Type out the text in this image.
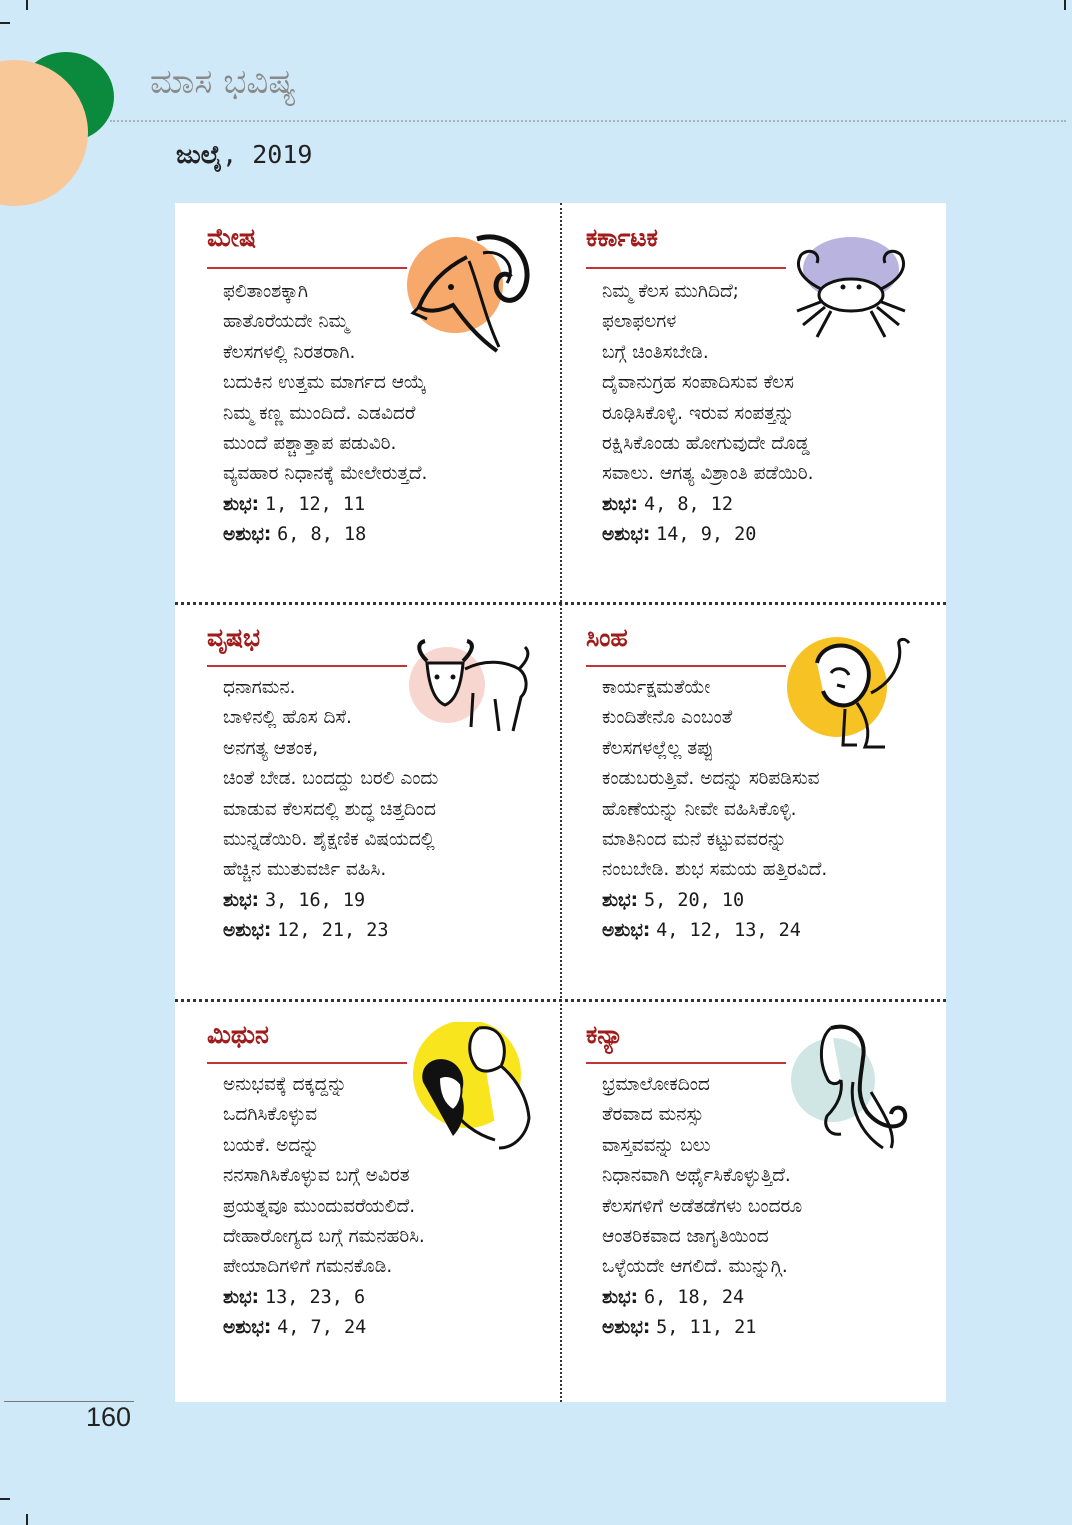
ಮಾಸ ಭವಿಷ್ಯ
ಜುಲೈ, 2019
ಮೇಷ
ಫಲಿತಾಂಶಕ್ಕಾಗಿ
ಹಾತೊರೆಯದೇ ನಿಮ್ಮ
ಕೆಲಸಗಳಲ್ಲಿ ನಿರತರಾಗಿ.
ಬದುಕಿನ ಉತ್ತಮ ಮಾರ್ಗದ ಆಯ್ಕೆ
ನಿಮ್ಮ ಕಣ್ಣ ಮುಂದಿದೆ. ಎಡವಿದರೆ
ಮುಂದೆ ಪಶ್ಚಾತ್ತಾಪ ಪಡುವಿರಿ.
ವ್ಯವಹಾರ ನಿಧಾನಕ್ಕೆ ಮೇಲೇರುತ್ತದೆ.
ಶುಭ: 1, 12, 11
ಅಶುಭ: 6, 8, 18
ಕರ್ಕಾಟಕ
ನಿಮ್ಮ ಕೆಲಸ ಮುಗಿದಿದೆ;
ಫಲಾಫಲಗಳ
ಬಗ್ಗೆ ಚಿಂತಿಸಬೇಡಿ.
ದೈವಾನುಗ್ರಹ ಸಂಪಾದಿಸುವ ಕೆಲಸ
ರೂಢಿಸಿಕೊಳ್ಳಿ. ಇರುವ ಸಂಪತ್ತನ್ನು
ರಕ್ಷಿಸಿಕೊಂಡು ಹೋಗುವುದೇ ದೊಡ್ಡ
ಸವಾಲು. ಆಗತ್ಯ ವಿಶ್ರಾಂತಿ ಪಡೆಯಿರಿ.
ಶುಭ: 4, 8, 12
ಅಶುಭ: 14, 9, 20
ವೃಷಭ
ಧನಾಗಮನ.
ಬಾಳಿನಲ್ಲಿ ಹೊಸ ದಿಸೆ.
ಅನಗತ್ಯ ಆತಂಕ,
ಚಿಂತೆ ಬೇಡ. ಬಂದದ್ದು ಬರಲಿ ಎಂದು
ಮಾಡುವ ಕೆಲಸದಲ್ಲಿ ಶುದ್ಧ ಚಿತ್ತದಿಂದ
ಮುನ್ನಡೆಯಿರಿ. ಶೈಕ್ಷಣಿಕ ವಿಷಯದಲ್ಲಿ
ಹೆಚ್ಚಿನ ಮುತುವರ್ಜಿ ವಹಿಸಿ.
ಶುಭ: 3, 16, 19
ಅಶುಭ: 12, 21, 23
ಸಿಂಹ
ಕಾರ್ಯಕ್ಷಮತೆಯೇ
ಕುಂದಿತೇನೊ ಎಂಬಂತೆ
ಕೆಲಸಗಳಲ್ಲೆಲ್ಲ ತಪ್ಪು
ಕಂಡುಬರುತ್ತಿವೆ. ಅದನ್ನು ಸರಿಪಡಿಸುವ
ಹೊಣೆಯನ್ನು ನೀವೇ ವಹಿಸಿಕೊಳ್ಳಿ.
ಮಾತಿನಿಂದ ಮನೆ ಕಟ್ಟುವವರನ್ನು
ನಂಬಬೇಡಿ. ಶುಭ ಸಮಯ ಹತ್ತಿರವಿದೆ.
ಶುಭ: 5, 20, 10
ಅಶುಭ: 4, 12, 13, 24
ಮಿಥುನ
ಅನುಭವಕ್ಕೆ ದಕ್ಕದ್ದನ್ನು
ಒದಗಿಸಿಕೊಳ್ಳುವ
ಬಯಕೆ. ಅದನ್ನು
ನನಸಾಗಿಸಿಕೊಳ್ಳುವ ಬಗ್ಗೆ ಅವಿರತ
ಪ್ರಯತ್ನವೂ ಮುಂದುವರೆಯಲಿದೆ.
ದೇಹಾರೋಗ್ಯದ ಬಗ್ಗೆ ಗಮನಹರಿಸಿ.
ಪೇಯಾದಿಗಳಿಗೆ ಗಮನಕೊಡಿ.
ಶುಭ: 13, 23, 6
ಅಶುಭ: 4, 7, 24
ಕನ್ಯಾ
ಭ್ರಮಾಲೋಕದಿಂದ
ತೆರವಾದ ಮನಸ್ಸು
ವಾಸ್ತವವನ್ನು ಬಲು
ನಿಧಾನವಾಗಿ ಅರ್ಥೈಸಿಕೊಳ್ಳುತ್ತಿದೆ.
ಕೆಲಸಗಳಿಗೆ ಅಡೆತಡೆಗಳು ಬಂದರೂ
ಆಂತರಿಕವಾದ ಜಾಗೃತಿಯಿಂದ
ಒಳ್ಳೆಯದೇ ಆಗಲಿದೆ. ಮುನ್ನುಗ್ಗಿ.
ಶುಭ: 6, 18, 24
ಅಶುಭ: 5, 11, 21
160
